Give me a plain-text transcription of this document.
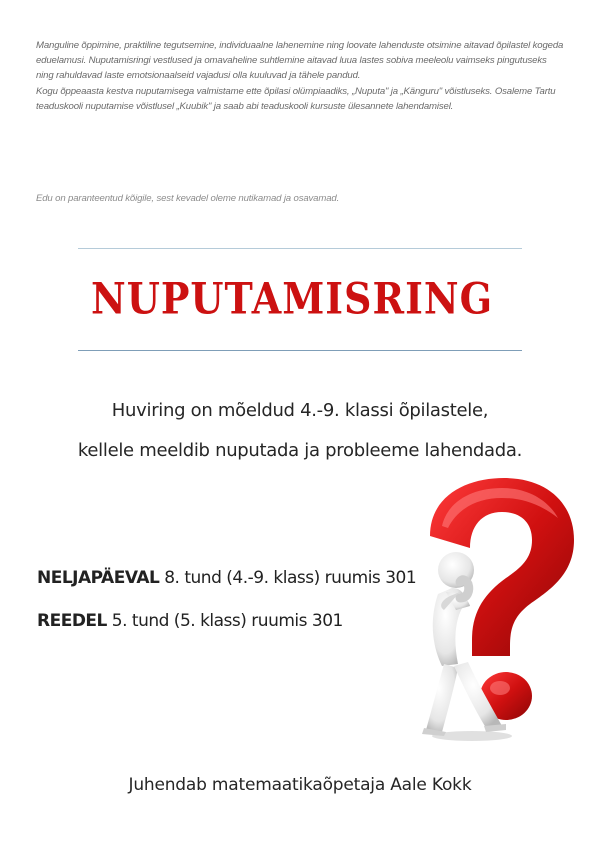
Manguline õppimine, praktiline tegutsemine, individuaalne lahenemine ning loovate lahenduste otsimine aitavad õpilastel kogeda eduelamusi. Nuputamisringi vestlused ja omavaheline suhtlemine aitavad luua lastes sobiva meeleolu vaimseks pingutuseks ning rahuldavad laste emotsionaalseid vajadusi olla kuuluvad ja tähele pandud.

Kogu õppeaasta kestva nuputamisega valmistame ette õpilasi olümpiaadiks, „Nuputa" ja „Känguru" võistluseks. Osaleme Tartu teaduskooli nuputamise võistlusel „Kuubik" ja saab abi teaduskooli kursuste ülesannete lahendamisel.

Edu on paranteentud kõigile, sest kevadel oleme nutikamad ja osavamad.
NUPUTAMISRING
Huviring on mõeldud 4.-9. klassi õpilastele,
kellele meeldib nuputada ja probleeme lahendada.
NELJAPÄEVAL 8. tund (4.-9. klass) ruumis 301
REEDEL 5. tund (5. klass) ruumis 301
Juhendab matemaatikaõpetaja Aale Kokk
